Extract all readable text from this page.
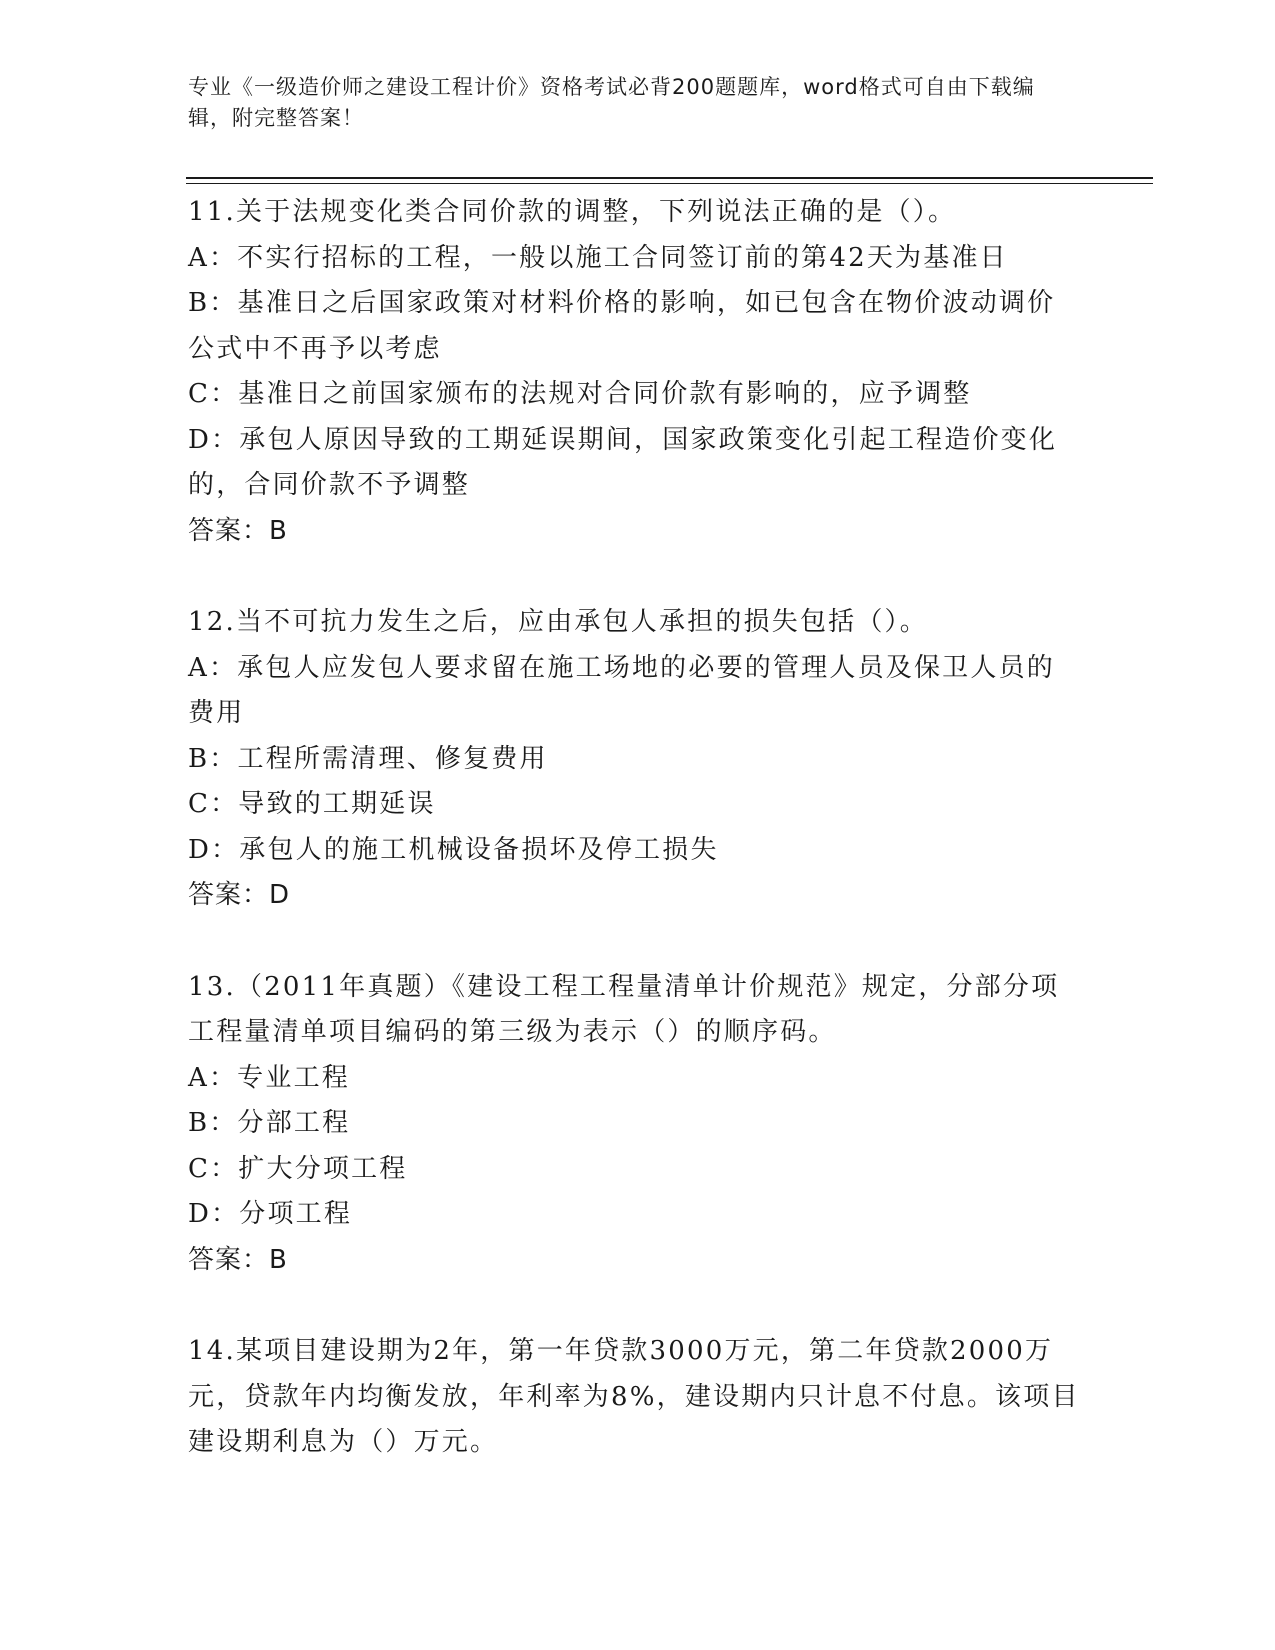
专业《一级造价师之建设工程计价》资格考试必背200题题库，word格式可自由下载编辑，附完整答案！

11.关于法规变化类合同价款的调整，下列说法正确的是（）。

A：不实行招标的工程，一般以施工合同签订前的第42天为基准日

B：基准日之后国家政策对材料价格的影响，如已包含在物价波动调价公式中不再予以考虑

C：基准日之前国家颁布的法规对合同价款有影响的，应予调整

D：承包人原因导致的工期延误期间，国家政策变化引起工程造价变化的，合同价款不予调整

答案：B

12.当不可抗力发生之后，应由承包人承担的损失包括（）。

A：承包人应发包人要求留在施工场地的必要的管理人员及保卫人员的费用

B：工程所需清理、修复费用

C：导致的工期延误

D：承包人的施工机械设备损坏及停工损失

答案：D

13.（2011年真题）《建设工程工程量清单计价规范》规定，分部分项工程量清单项目编码的第三级为表示（）的顺序码。

A：专业工程

B：分部工程

C：扩大分项工程

D：分项工程

答案：B

14.某项目建设期为2年，第一年贷款3000万元，第二年贷款2000万元，贷款年内均衡发放，年利率为8%，建设期内只计息不付息。该项目建设期利息为（）万元。
